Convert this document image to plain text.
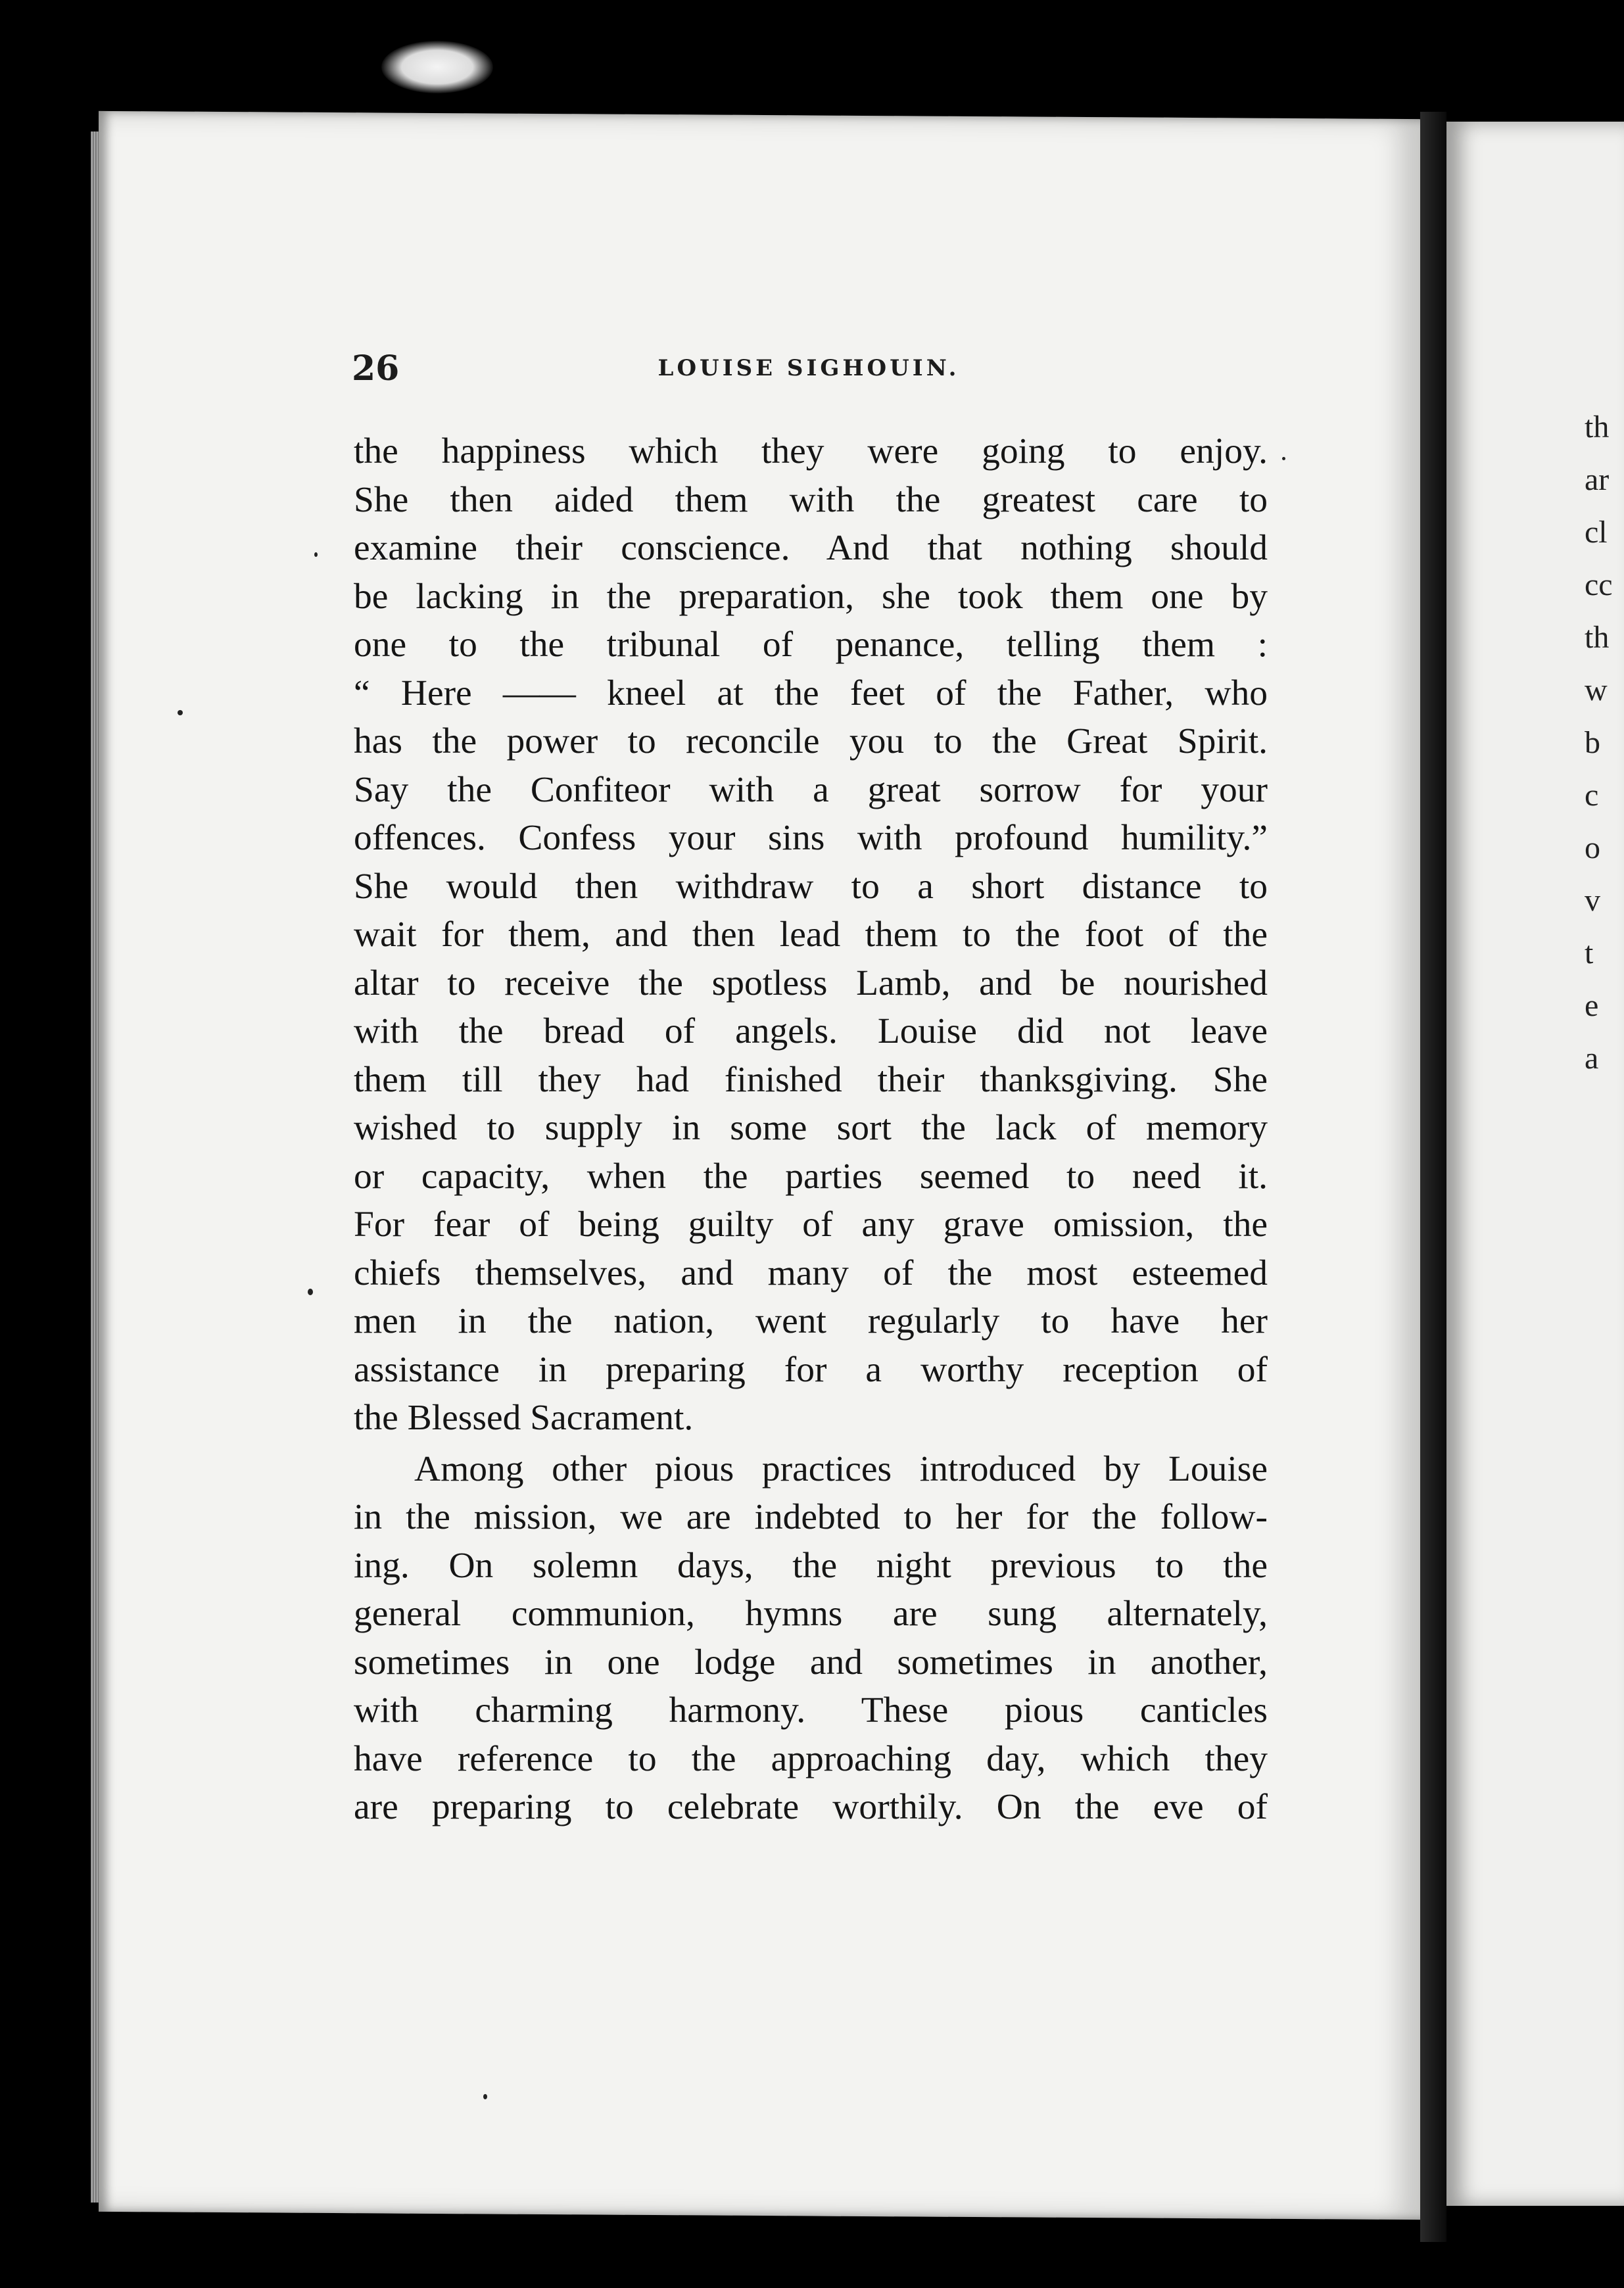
26	LOUISE SIGHOUIN.
the happiness which they were going to enjoy.
She then aided them with the greatest care to
examine their conscience. And that nothing should
be lacking in the preparation, she took them one by
one to the tribunal of penance, telling them :
“ Here —— kneel at the feet of the Father, who
has the power to reconcile you to the Great Spirit.
Say the Confiteor with a great sorrow for your
offences. Confess your sins with profound humility.”
She would then withdraw to a short distance to
wait for them, and then lead them to the foot of the
altar to receive the spotless Lamb, and be nourished
with the bread of angels. Louise did not leave
them till they had finished their thanksgiving. She
wished to supply in some sort the lack of memory
or capacity, when the parties seemed to need it.
For fear of being guilty of any grave omission, the
chiefs themselves, and many of the most esteemed
men in the nation, went regularly to have her
assistance in preparing for a worthy reception of
the Blessed Sacrament.
Among other pious practices introduced by Louise
in the mission, we are indebted to her for the follow-
ing. On solemn days, the night previous to the
general communion, hymns are sung alternately,
sometimes in one lodge and sometimes in another,
with charming harmony. These pious canticles
have reference to the approaching day, which they
are preparing to celebrate worthily. On the eve of
th
ar
cl
cc
th
w
b
c
o
v
t
e
a
